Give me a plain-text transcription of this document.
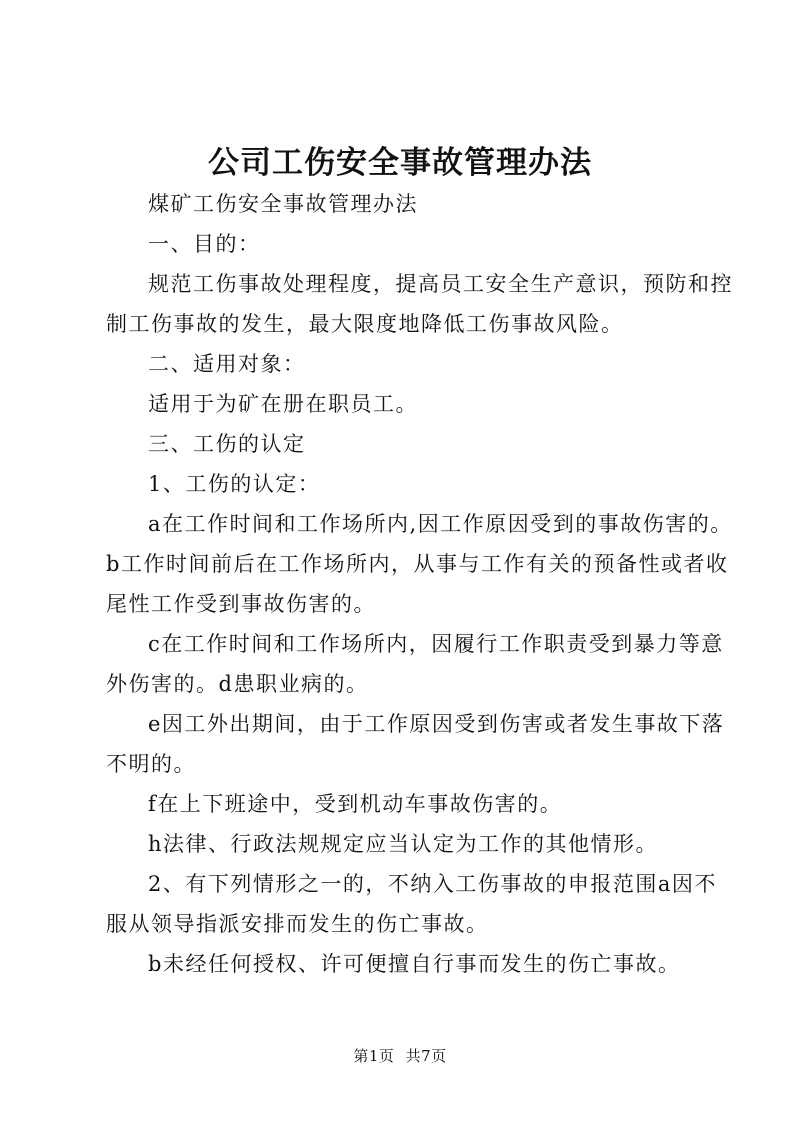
公司工伤安全事故管理办法
煤矿工伤安全事故管理办法
一、目的：
规范工伤事故处理程度，提高员工安全生产意识，预防和控
制工伤事故的发生，最大限度地降低工伤事故风险。
二、适用对象：
适用于为矿在册在职员工。
三、工伤的认定
1、工伤的认定：
a在工作时间和工作场所内,因工作原因受到的事故伤害的。
b工作时间前后在工作场所内，从事与工作有关的预备性或者收
尾性工作受到事故伤害的。
c在工作时间和工作场所内，因履行工作职责受到暴力等意
外伤害的。d患职业病的。
e因工外出期间，由于工作原因受到伤害或者发生事故下落
不明的。
f在上下班途中，受到机动车事故伤害的。
h法律、行政法规规定应当认定为工作的其他情形。
2、有下列情形之一的，不纳入工伤事故的申报范围a因不
服从领导指派安排而发生的伤亡事故。
b未经任何授权、许可便擅自行事而发生的伤亡事故。
第1页 共7页
